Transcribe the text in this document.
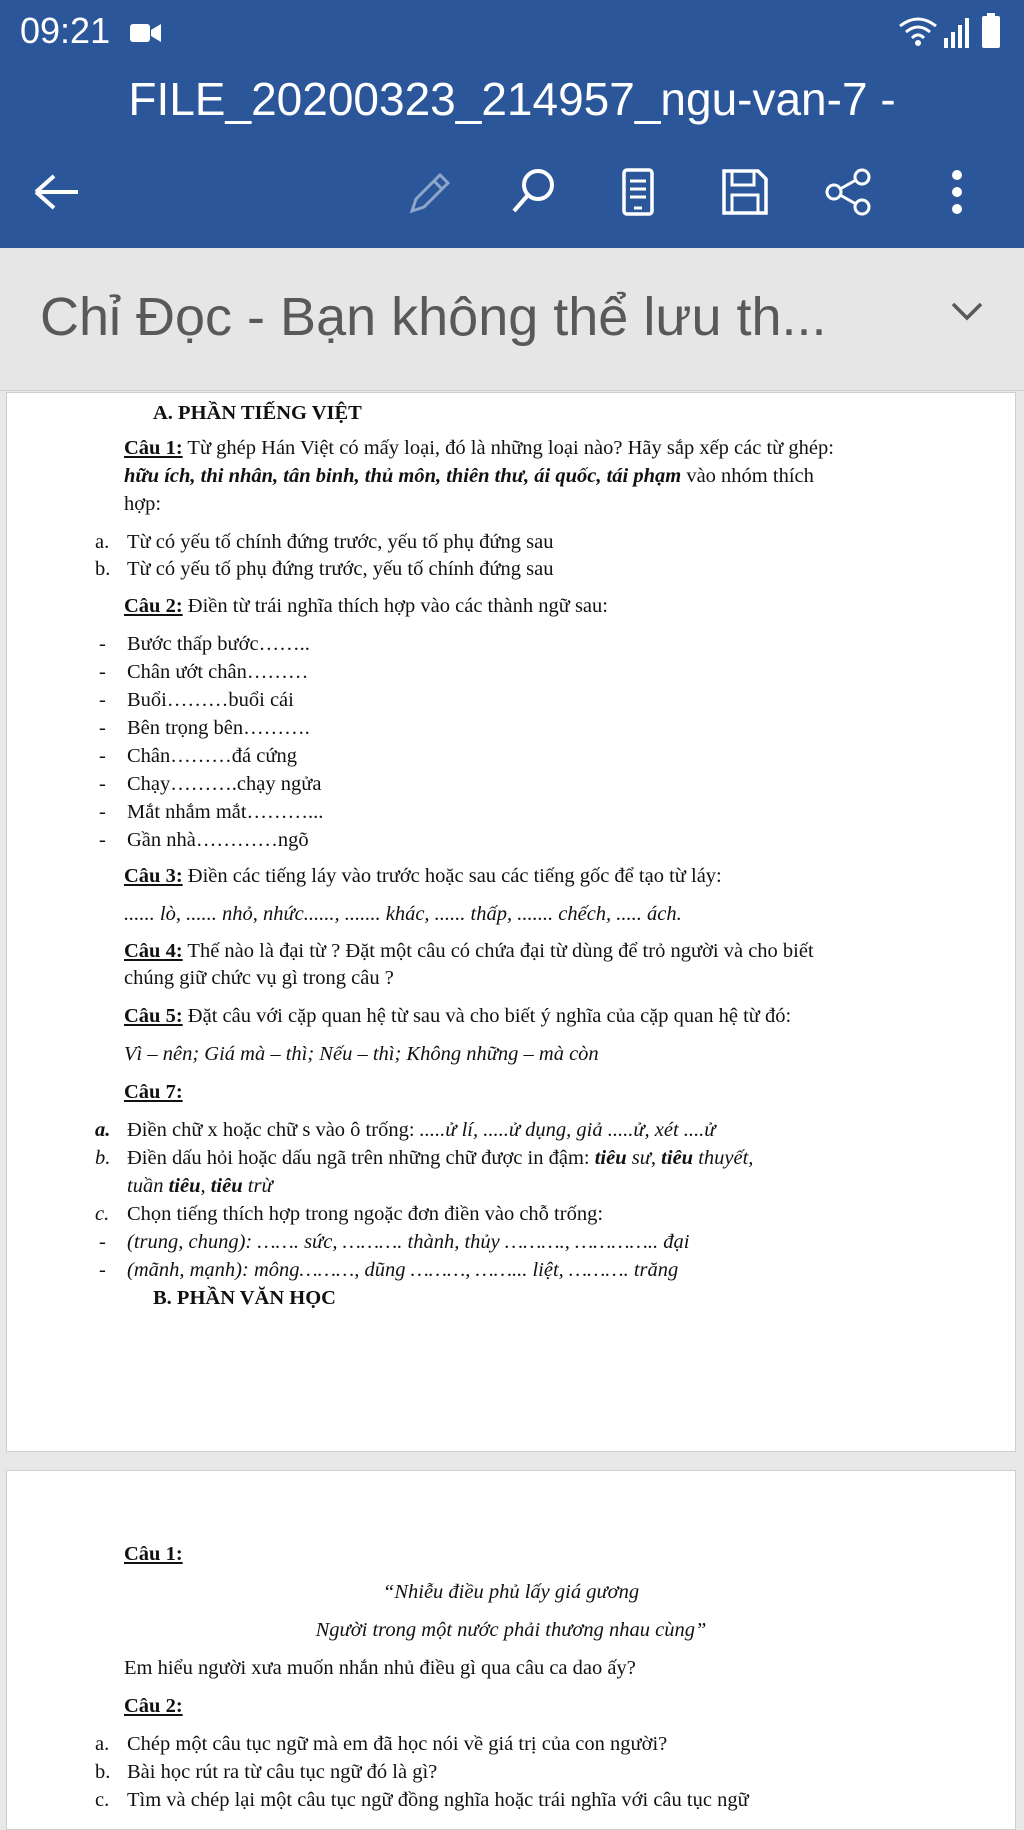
09:21
FILE_20200323_214957_ngu-van-7 -
Chỉ Đọc - Bạn không thể lưu th...

A. PHẦN TIẾNG VIỆT

Câu 1: Từ ghép Hán Việt có mấy loại, đó là những loại nào? Hãy sắp xếp các từ ghép:

hữu ích, thi nhân, tân binh, thủ môn, thiên thư, ái quốc, tái phạm vào nhóm thích

hợp:

a. Từ có yếu tố chính đứng trước, yếu tố phụ đứng sau

b. Từ có yếu tố phụ đứng trước, yếu tố chính đứng sau

Câu 2: Điền từ trái nghĩa thích hợp vào các thành ngữ sau:

- Bước thấp bước……..

- Chân ướt chân………

- Buổi………buổi cái

- Bên trọng bên……….

- Chân………đá cứng

- Chạy……….chạy ngửa

- Mắt nhắm mắt………...

- Gần nhà…………ngõ

Câu 3: Điền các tiếng láy vào trước hoặc sau các tiếng gốc để tạo từ láy:

...... lò, ...... nhỏ, nhức......, ....... khác, ...... thấp, ....... chếch, ..... ách.

Câu 4: Thế nào là đại từ ? Đặt một câu có chứa đại từ dùng để trỏ người và cho biết

chúng giữ chức vụ gì trong câu ?

Câu 5: Đặt câu với cặp quan hệ từ sau và cho biết ý nghĩa của cặp quan hệ từ đó:

Vì – nên; Giá mà – thì; Nếu – thì; Không những – mà còn

Câu 7:

a. Điền chữ x hoặc chữ s vào ô trống: .....ử lí, .....ử dụng, giả .....ử, xét ....ử

b. Điền dấu hỏi hoặc dấu ngã trên những chữ được in đậm: tiêu sư, tiêu thuyết,

tuần tiêu, tiêu trừ

c. Chọn tiếng thích hợp trong ngoặc đơn điền vào chỗ trống:

- (trung, chung): ……. sức, ………. thành, thủy ………., ………….. đại

- (mãnh, mạnh): mông………, dũng ………, ……... liệt, ………. trăng

B. PHẦN VĂN HỌC

Câu 1:

“Nhiễu điều phủ lấy giá gương

Người trong một nước phải thương nhau cùng”

Em hiểu người xưa muốn nhắn nhủ điều gì qua câu ca dao ấy?

Câu 2:

a. Chép một câu tục ngữ mà em đã học nói về giá trị của con người?

b. Bài học rút ra từ câu tục ngữ đó là gì?

c. Tìm và chép lại một câu tục ngữ đồng nghĩa hoặc trái nghĩa với câu tục ngữ
